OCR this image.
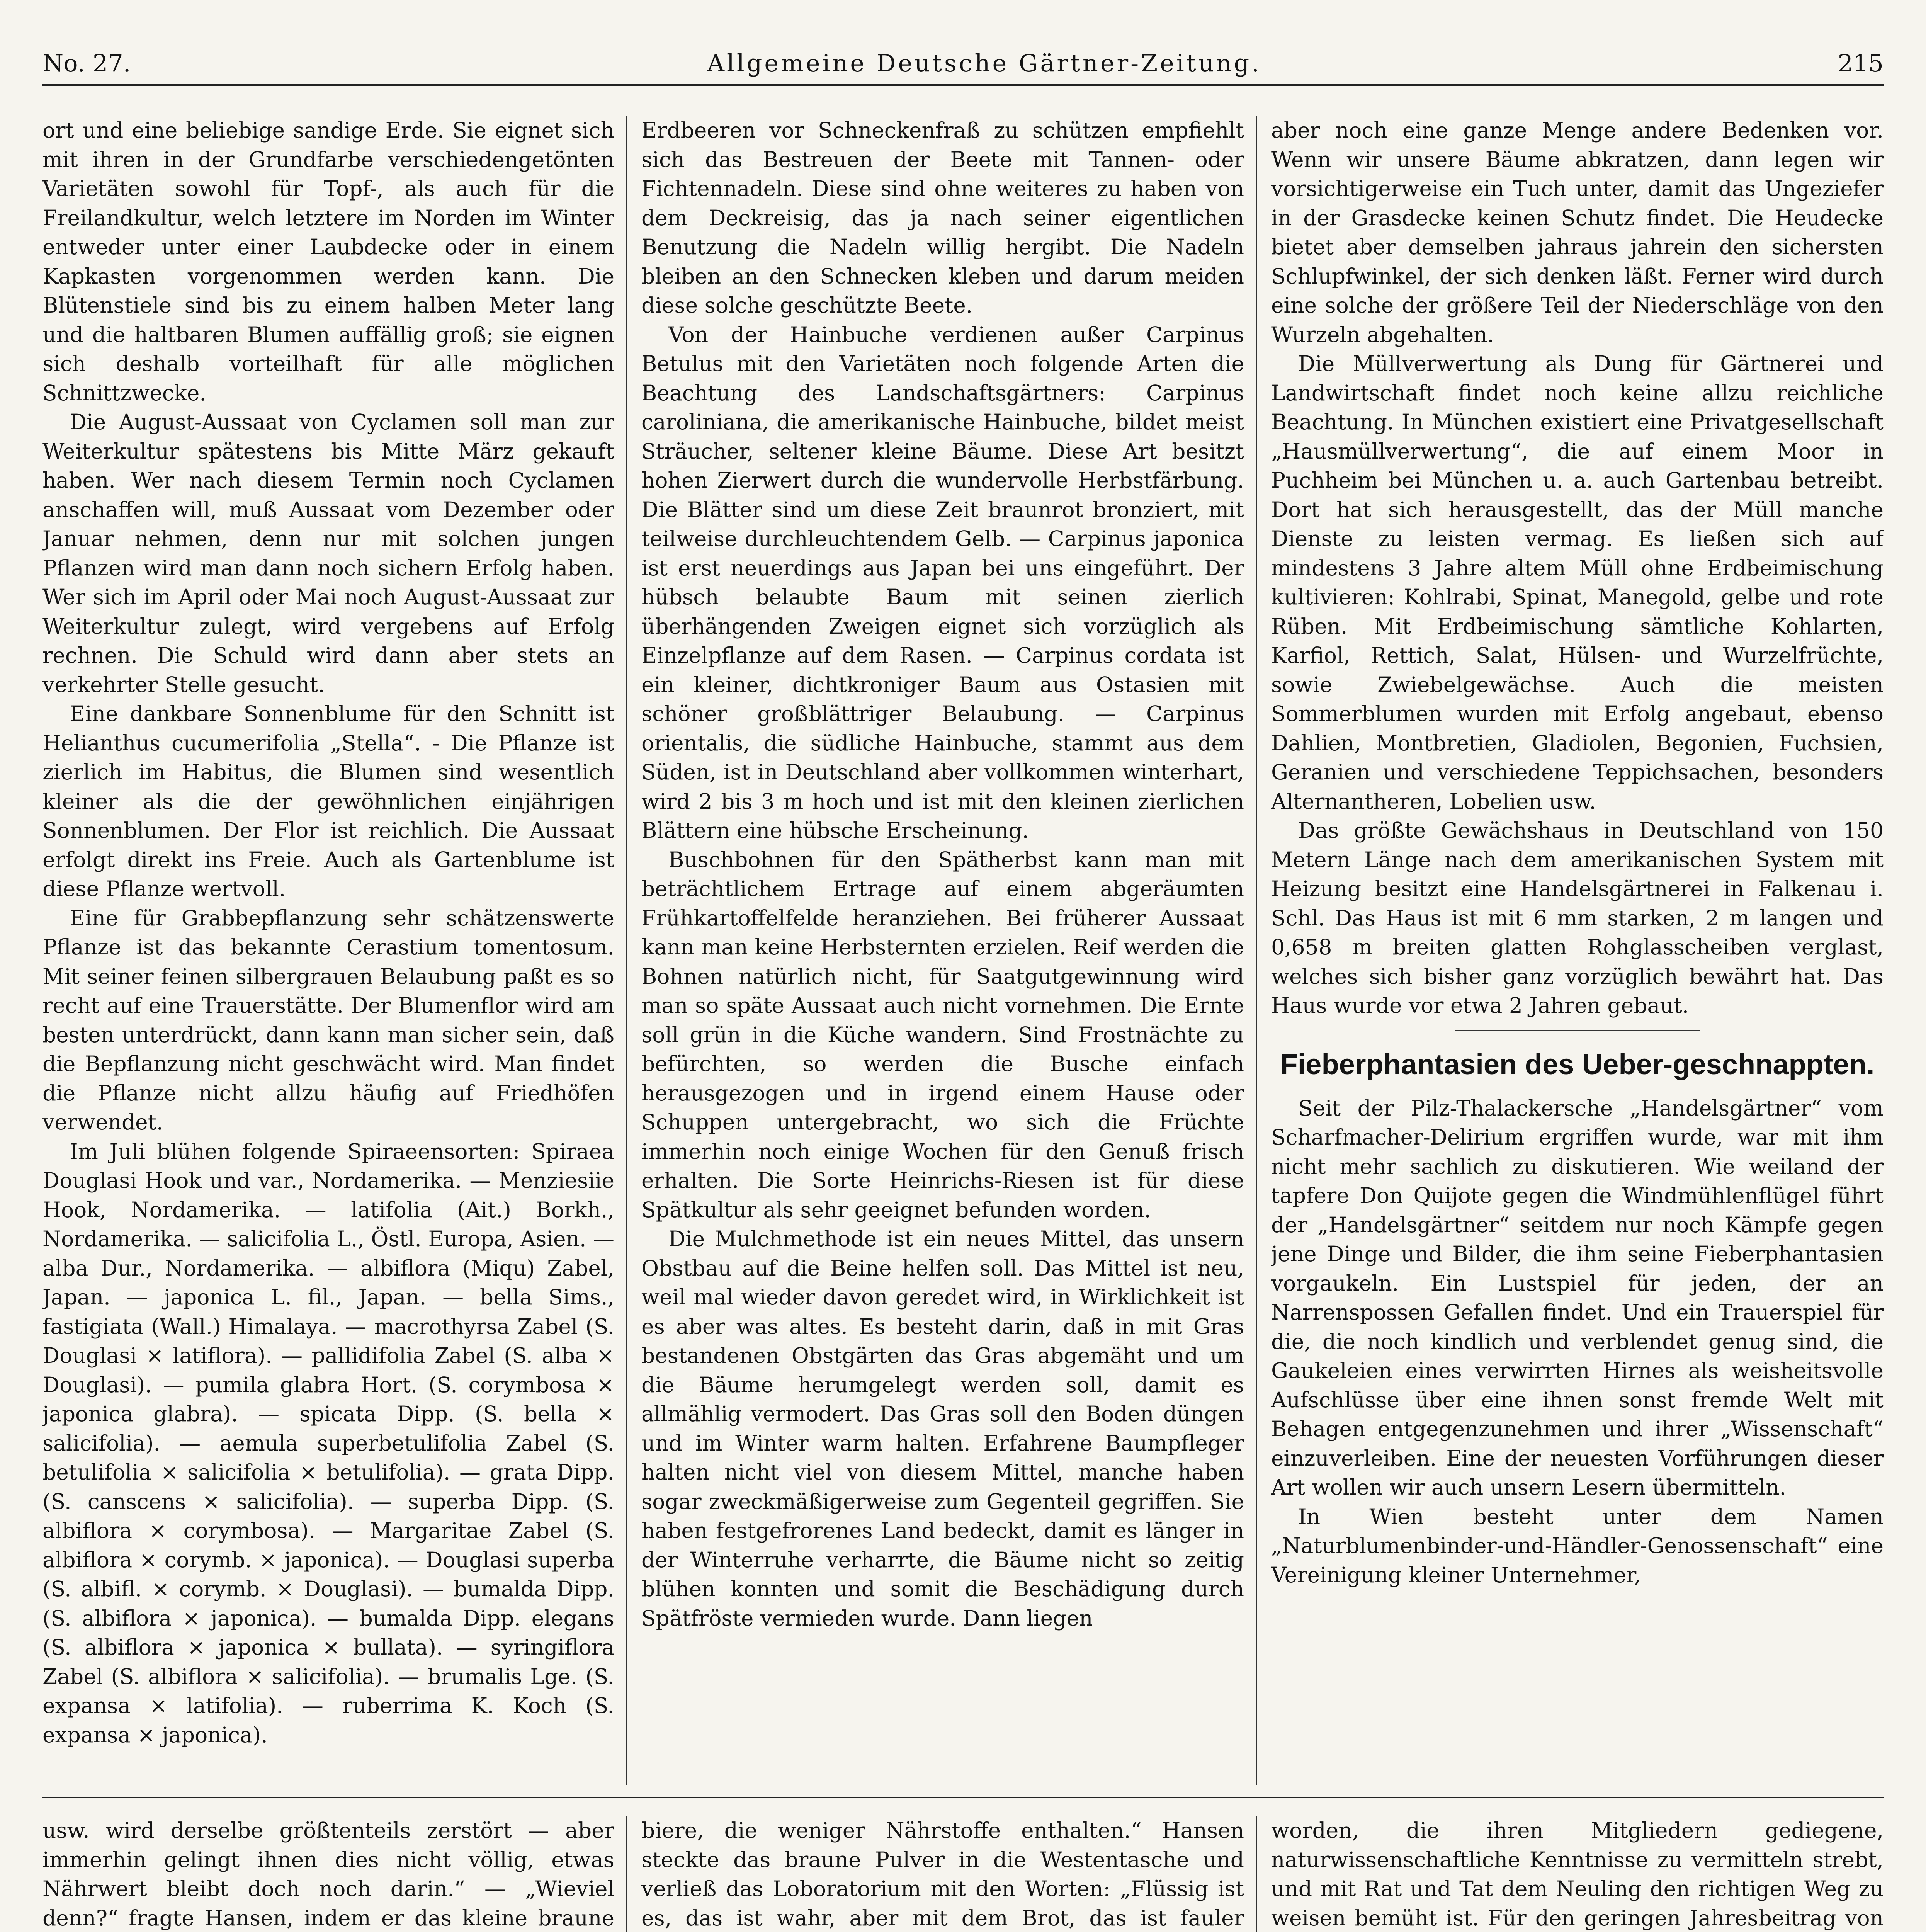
No. 27.	Allgemeine Deutsche Gärtner-Zeitung.	215

ort und eine beliebige sandige Erde. Sie eignet sich mit ihren in der Grundfarbe verschiedengetönten Varietäten sowohl für Topf-, als auch für die Freilandkultur, welch letztere im Norden im Winter entweder unter einer Laubdecke oder in einem Kapkasten vorgenommen werden kann. Die Blütenstiele sind bis zu einem halben Meter lang und die haltbaren Blumen auffällig groß; sie eignen sich deshalb vorteilhaft für alle möglichen Schnittzwecke.

Die August-Aussaat von Cyclamen soll man zur Weiterkultur spätestens bis Mitte März gekauft haben. Wer nach diesem Termin noch Cyclamen anschaffen will, muß Aussaat vom Dezember oder Januar nehmen, denn nur mit solchen jungen Pflanzen wird man dann noch sichern Erfolg haben. Wer sich im April oder Mai noch August-Aussaat zur Weiterkultur zulegt, wird vergebens auf Erfolg rechnen. Die Schuld wird dann aber stets an verkehrter Stelle gesucht.

Eine dankbare Sonnenblume für den Schnitt ist Helianthus cucumerifolia „Stella“. - Die Pflanze ist zierlich im Habitus, die Blumen sind wesentlich kleiner als die der gewöhnlichen einjährigen Sonnenblumen. Der Flor ist reichlich. Die Aussaat erfolgt direkt ins Freie. Auch als Gartenblume ist diese Pflanze wertvoll.

Eine für Grabbepflanzung sehr schätzenswerte Pflanze ist das bekannte Cerastium tomentosum. Mit seiner feinen silbergrauen Belaubung paßt es so recht auf eine Trauerstätte. Der Blumenflor wird am besten unterdrückt, dann kann man sicher sein, daß die Bepflanzung nicht geschwächt wird. Man findet die Pflanze nicht allzu häufig auf Friedhöfen verwendet.

Im Juli blühen folgende Spiraeensorten: Spiraea Douglasi Hook und var., Nordamerika. — Menziesiie Hook, Nordamerika. — latifolia (Ait.) Borkh., Nordamerika. — salicifolia L., Östl. Europa, Asien. — alba Dur., Nordamerika. — albiflora (Miqu) Zabel, Japan. — japonica L. fil., Japan. — bella Sims., fastigiata (Wall.) Himalaya. — macrothyrsa Zabel (S. Douglasi × latiflora). — pallidifolia Zabel (S. alba × Douglasi). — pumila glabra Hort. (S. corymbosa × japonica glabra). — spicata Dipp. (S. bella × salicifolia). — aemula superbetulifolia Zabel (S. betulifolia × salicifolia × betulifolia). — grata Dipp. (S. canscens × salicifolia). — superba Dipp. (S. albiflora × corymbosa). — Margaritae Zabel (S. albiflora × corymb. × japonica). — Douglasi superba (S. albifl. × corymb. × Douglasi). — bumalda Dipp. (S. albiflora × japonica). — bumalda Dipp. elegans (S. albiflora × japonica × bullata). — syringiflora Zabel (S. albiflora × salicifolia). — brumalis Lge. (S. expansa × latifolia). — ruberrima K. Koch (S. expansa × japonica).

Erdbeeren vor Schneckenfraß zu schützen empfiehlt sich das Bestreuen der Beete mit Tannen- oder Fichtennadeln. Diese sind ohne weiteres zu haben von dem Deckreisig, das ja nach seiner eigentlichen Benutzung die Nadeln willig hergibt. Die Nadeln bleiben an den Schnecken kleben und darum meiden diese solche geschützte Beete.

Von der Hainbuche verdienen außer Carpinus Betulus mit den Varietäten noch folgende Arten die Beachtung des Landschaftsgärtners: Carpinus caroliniana, die amerikanische Hainbuche, bildet meist Sträucher, seltener kleine Bäume. Diese Art besitzt hohen Zierwert durch die wundervolle Herbstfärbung. Die Blätter sind um diese Zeit braunrot bronziert, mit teilweise durchleuchtendem Gelb. — Carpinus japonica ist erst neuerdings aus Japan bei uns eingeführt. Der hübsch belaubte Baum mit seinen zierlich überhängenden Zweigen eignet sich vorzüglich als Einzelpflanze auf dem Rasen. — Carpinus cordata ist ein kleiner, dichtkroniger Baum aus Ostasien mit schöner großblättriger Belaubung. — Carpinus orientalis, die südliche Hainbuche, stammt aus dem Süden, ist in Deutschland aber vollkommen winterhart, wird 2 bis 3 m hoch und ist mit den kleinen zierlichen Blättern eine hübsche Erscheinung.

Buschbohnen für den Spätherbst kann man mit beträchtlichem Ertrage auf einem abgeräumten Frühkartoffelfelde heranziehen. Bei früherer Aussaat kann man keine Herbsternten erzielen. Reif werden die Bohnen natürlich nicht, für Saatgutgewinnung wird man so späte Aussaat auch nicht vornehmen. Die Ernte soll grün in die Küche wandern. Sind Frostnächte zu befürchten, so werden die Busche einfach herausgezogen und in irgend einem Hause oder Schuppen untergebracht, wo sich die Früchte immerhin noch einige Wochen für den Genuß frisch erhalten. Die Sorte Heinrichs-Riesen ist für diese Spätkultur als sehr geeignet befunden worden.

Die Mulchmethode ist ein neues Mittel, das unsern Obstbau auf die Beine helfen soll. Das Mittel ist neu, weil mal wieder davon geredet wird, in Wirklichkeit ist es aber was altes. Es besteht darin, daß in mit Gras bestandenen Obstgärten das Gras abgemäht und um die Bäume herumgelegt werden soll, damit es allmählig vermodert. Das Gras soll den Boden düngen und im Winter warm halten. Erfahrene Baumpfleger halten nicht viel von diesem Mittel, manche haben sogar zweckmäßigerweise zum Gegenteil gegriffen. Sie haben festgefrorenes Land bedeckt, damit es länger in der Winterruhe verharrte, die Bäume nicht so zeitig blühen konnten und somit die Beschädigung durch Spätfröste vermieden wurde. Dann liegen

aber noch eine ganze Menge andere Bedenken vor. Wenn wir unsere Bäume abkratzen, dann legen wir vorsichtigerweise ein Tuch unter, damit das Ungeziefer in der Grasdecke keinen Schutz findet. Die Heudecke bietet aber demselben jahraus jahrein den sichersten Schlupfwinkel, der sich denken läßt. Ferner wird durch eine solche der größere Teil der Niederschläge von den Wurzeln abgehalten.

Die Müllverwertung als Dung für Gärtnerei und Landwirtschaft findet noch keine allzu reichliche Beachtung. In München existiert eine Privatgesellschaft „Hausmüllverwertung“, die auf einem Moor in Puchheim bei München u. a. auch Gartenbau betreibt. Dort hat sich herausgestellt, das der Müll manche Dienste zu leisten vermag. Es ließen sich auf mindestens 3 Jahre altem Müll ohne Erdbeimischung kultivieren: Kohlrabi, Spinat, Manegold, gelbe und rote Rüben. Mit Erdbeimischung sämtliche Kohlarten, Karfiol, Rettich, Salat, Hülsen- und Wurzelfrüchte, sowie Zwiebelgewächse. Auch die meisten Sommerblumen wurden mit Erfolg angebaut, ebenso Dahlien, Montbretien, Gladiolen, Begonien, Fuchsien, Geranien und verschiedene Teppichsachen, besonders Alternantheren, Lobelien usw.

Das größte Gewächshaus in Deutschland von 150 Metern Länge nach dem amerikanischen System mit Heizung besitzt eine Handelsgärtnerei in Falkenau i. Schl. Das Haus ist mit 6 mm starken, 2 m langen und 0,658 m breiten glatten Rohglasscheiben verglast, welches sich bisher ganz vorzüglich bewährt hat. Das Haus wurde vor etwa 2 Jahren gebaut.

Fieberphantasien des Ueber-geschnappten.

Seit der Pilz-Thalackersche „Handelsgärtner“ vom Scharfmacher-Delirium ergriffen wurde, war mit ihm nicht mehr sachlich zu diskutieren. Wie weiland der tapfere Don Quijote gegen die Windmühlenflügel führt der „Handelsgärtner“ seitdem nur noch Kämpfe gegen jene Dinge und Bilder, die ihm seine Fieberphantasien vorgaukeln. Ein Lustspiel für jeden, der an Narrenspossen Gefallen findet. Und ein Trauerspiel für die, die noch kindlich und verblendet genug sind, die Gaukeleien eines verwirrten Hirnes als weisheitsvolle Aufschlüsse über eine ihnen sonst fremde Welt mit Behagen entgegenzunehmen und ihrer „Wissenschaft“ einzuverleiben. Eine der neuesten Vorführungen dieser Art wollen wir auch unsern Lesern übermitteln.

In Wien besteht unter dem Namen „Naturblumenbinder-und-Händler-Genossenschaft“ eine Vereinigung kleiner Unternehmer,

usw. wird derselbe größtenteils zerstört — aber immerhin gelingt ihnen dies nicht völlig, etwas Nährwert bleibt doch noch darin.“ — „Wieviel denn?“ fragte Hansen, indem er das kleine braune

biere, die weniger Nährstoffe enthalten.“ Hansen steckte das braune Pulver in die Westentasche und verließ das Loboratorium mit den Worten: „Flüssig ist es, das ist wahr, aber mit dem Brot, das ist fauler

worden, die ihren Mitgliedern gediegene, naturwissenschaftliche Kenntnisse zu vermitteln strebt, und mit Rat und Tat dem Neuling den richtigen Weg zu weisen bemüht ist. Für den geringen Jahresbeitrag von
